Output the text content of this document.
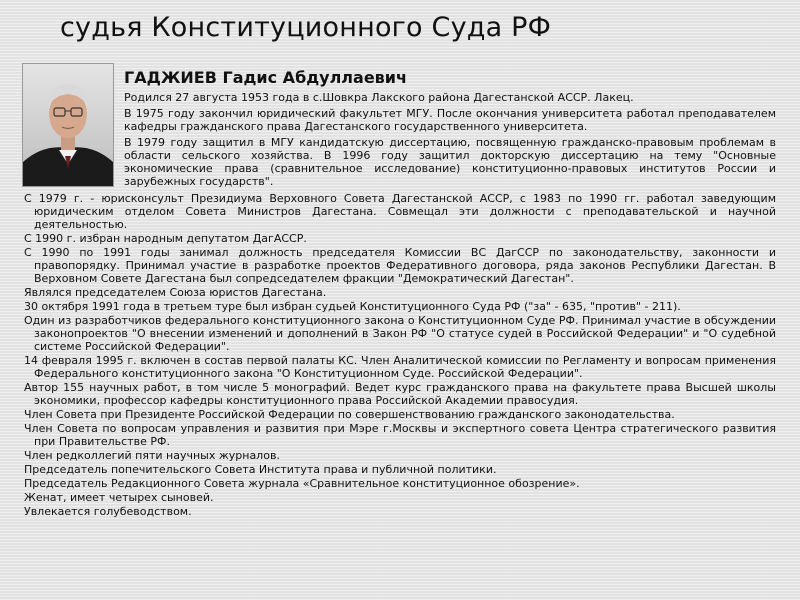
судья Конституционного Суда РФ
ГАДЖИЕВ Гадис Абдуллаевич

Родился 27 августа 1953 года в с.Шовкра Лакского района Дагестанской АССР. Лакец.

В 1975 году закончил юридический факультет МГУ. После окончания университета работал преподавателем кафедры гражданского права Дагестанского государственного университета.

В 1979 году защитил в МГУ кандидатскую диссертацию, посвященную гражданско-правовым проблемам в области сельского хозяйства. В 1996 году защитил докторскую диссертацию на тему "Основные экономические права (сравнительное исследование) конституционно-правовых институтов России и зарубежных государств".

С 1979 г. - юрисконсульт Президиума Верховного Совета Дагестанской АССР, с 1983 по 1990 гг. работал заведующим юридическим отделом Совета Министров Дагестана. Совмещал эти должности с преподавательской и научной деятельностью.

С 1990 г. избран народным депутатом ДагАССР.

С 1990 по 1991 годы занимал должность председателя Комиссии ВС ДагССР по законодательству, законности и правопорядку. Принимал участие в разработке проектов Федеративного договора, ряда законов Республики Дагестан. В Верховном Совете Дагестана был сопредседателем фракции "Демократический Дагестан".

Являлся председателем Союза юристов Дагестана.

30 октября 1991 года в третьем туре был избран судьей Конституционного Суда РФ ("за" - 635, "против" - 211).

Один из разработчиков федерального конституционного закона о Конституционном Суде РФ. Принимал участие в обсуждении законопроектов "О внесении изменений и дополнений в Закон РФ "О статусе судей в Российской Федерации" и "О судебной системе Российской Федерации".

14 февраля 1995 г. включен в состав первой палаты КС. Член Аналитической комиссии по Регламенту и вопросам применения Федерального конституционного закона "О Конституционном Суде. Российской Федерации".

Автор 155 научных работ, в том числе 5 монографий. Ведет курс гражданского права на факультете права Высшей школы экономики, профессор кафедры конституционного права Российской Академии правосудия.

Член Совета при Президенте Российской Федерации по совершенствованию гражданского законодательства.

Член Совета по вопросам управления и развития при Мэре г.Москвы и экспертного совета Центра стратегического развития при Правительстве РФ.

Член редколлегий пяти научных журналов.

Председатель попечительского Совета Института права и публичной политики.

Председатель Редакционного Совета журнала «Сравнительное конституционное обозрение».

Женат, имеет четырех сыновей.

Увлекается голубеводством.
